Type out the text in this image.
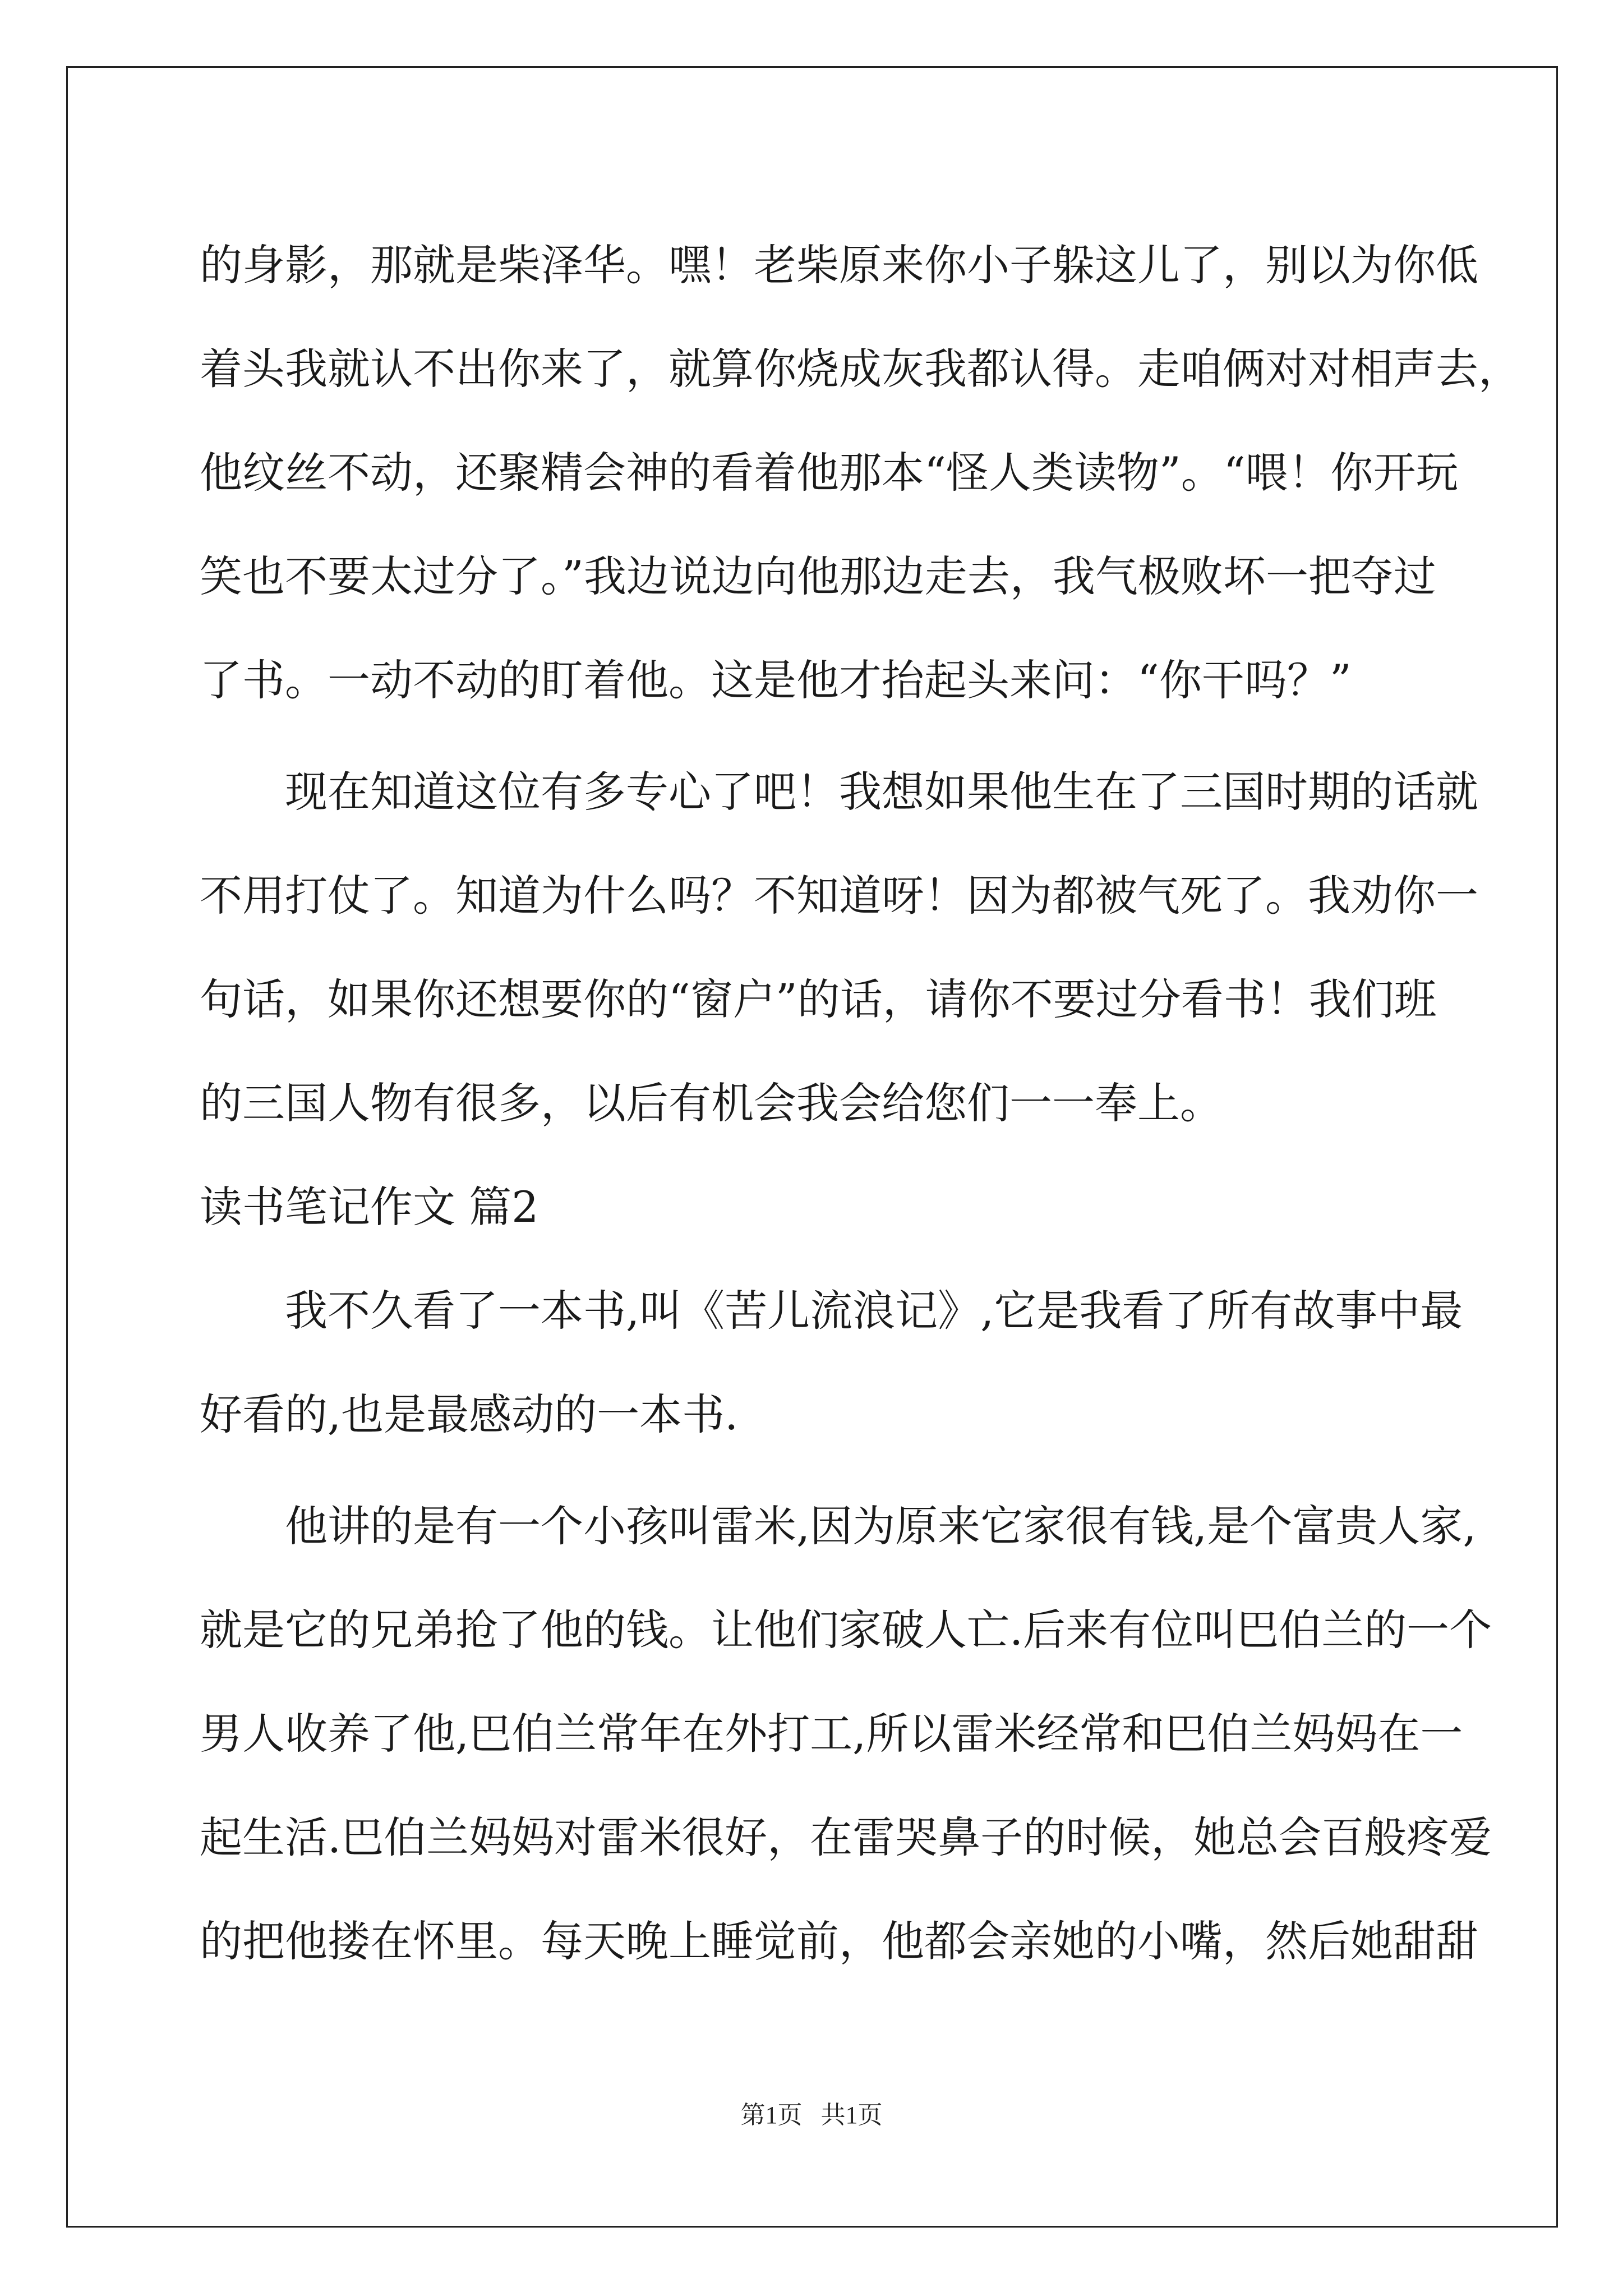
的身影，那就是柴泽华。嘿！老柴原来你小子躲这儿了，别以为你低
着头我就认不出你来了，就算你烧成灰我都认得。走咱俩对对相声去，
他纹丝不动，还聚精会神的看着他那本“怪人类读物”。“喂！你开玩
笑也不要太过分了。”我边说边向他那边走去，我气极败坏一把夺过
了书。一动不动的盯着他。这是他才抬起头来问：“你干吗？”
现在知道这位有多专心了吧！我想如果他生在了三国时期的话就
不用打仗了。知道为什么吗？不知道呀！因为都被气死了。我劝你一
句话，如果你还想要你的“窗户”的话，请你不要过分看书！我们班
的三国人物有很多，以后有机会我会给您们一一奉上。
读书笔记作文 篇2
我不久看了一本书,叫《苦儿流浪记》,它是我看了所有故事中最
好看的,也是最感动的一本书.
他讲的是有一个小孩叫雷米,因为原来它家很有钱,是个富贵人家,
就是它的兄弟抢了他的钱。让他们家破人亡.后来有位叫巴伯兰的一个
男人收养了他,巴伯兰常年在外打工,所以雷米经常和巴伯兰妈妈在一
起生活.巴伯兰妈妈对雷米很好，在雷哭鼻子的时候，她总会百般疼爱
的把他搂在怀里。每天晚上睡觉前，他都会亲她的小嘴，然后她甜甜
第1页   共1页
